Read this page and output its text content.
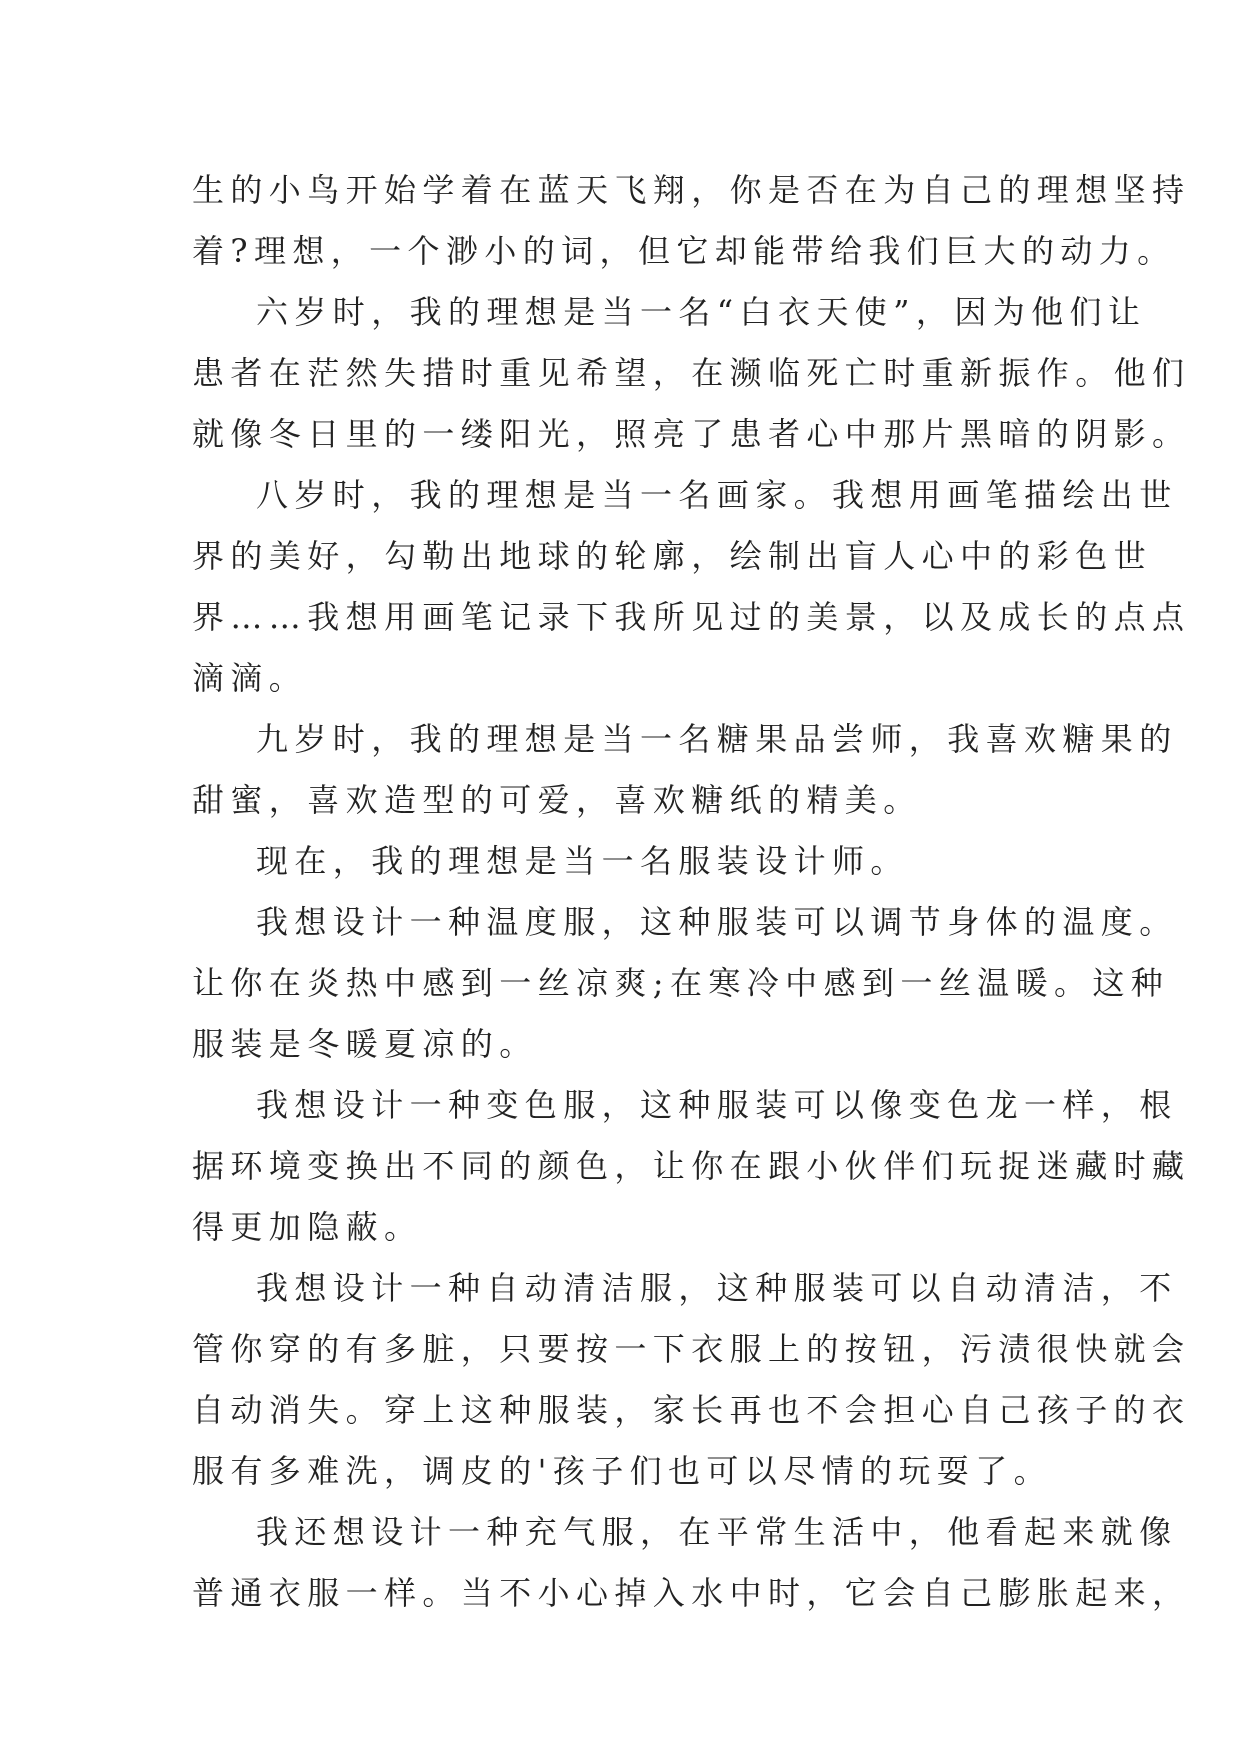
生的小鸟开始学着在蓝天飞翔，你是否在为自己的理想坚持
着?理想，一个渺小的词，但它却能带给我们巨大的动力。
六岁时，我的理想是当一名“白衣天使”，因为他们让
患者在茫然失措时重见希望，在濒临死亡时重新振作。他们
就像冬日里的一缕阳光，照亮了患者心中那片黑暗的阴影。
八岁时，我的理想是当一名画家。我想用画笔描绘出世
界的美好，勾勒出地球的轮廓，绘制出盲人心中的彩色世
界……我想用画笔记录下我所见过的美景，以及成长的点点
滴滴。
九岁时，我的理想是当一名糖果品尝师，我喜欢糖果的
甜蜜，喜欢造型的可爱，喜欢糖纸的精美。
现在，我的理想是当一名服装设计师。
我想设计一种温度服，这种服装可以调节身体的温度。
让你在炎热中感到一丝凉爽;在寒冷中感到一丝温暖。这种
服装是冬暖夏凉的。
我想设计一种变色服，这种服装可以像变色龙一样，根
据环境变换出不同的颜色，让你在跟小伙伴们玩捉迷藏时藏
得更加隐蔽。
我想设计一种自动清洁服，这种服装可以自动清洁，不
管你穿的有多脏，只要按一下衣服上的按钮，污渍很快就会
自动消失。穿上这种服装，家长再也不会担心自己孩子的衣
服有多难洗，调皮的'孩子们也可以尽情的玩耍了。
我还想设计一种充气服，在平常生活中，他看起来就像
普通衣服一样。当不小心掉入水中时，它会自己膨胀起来，
